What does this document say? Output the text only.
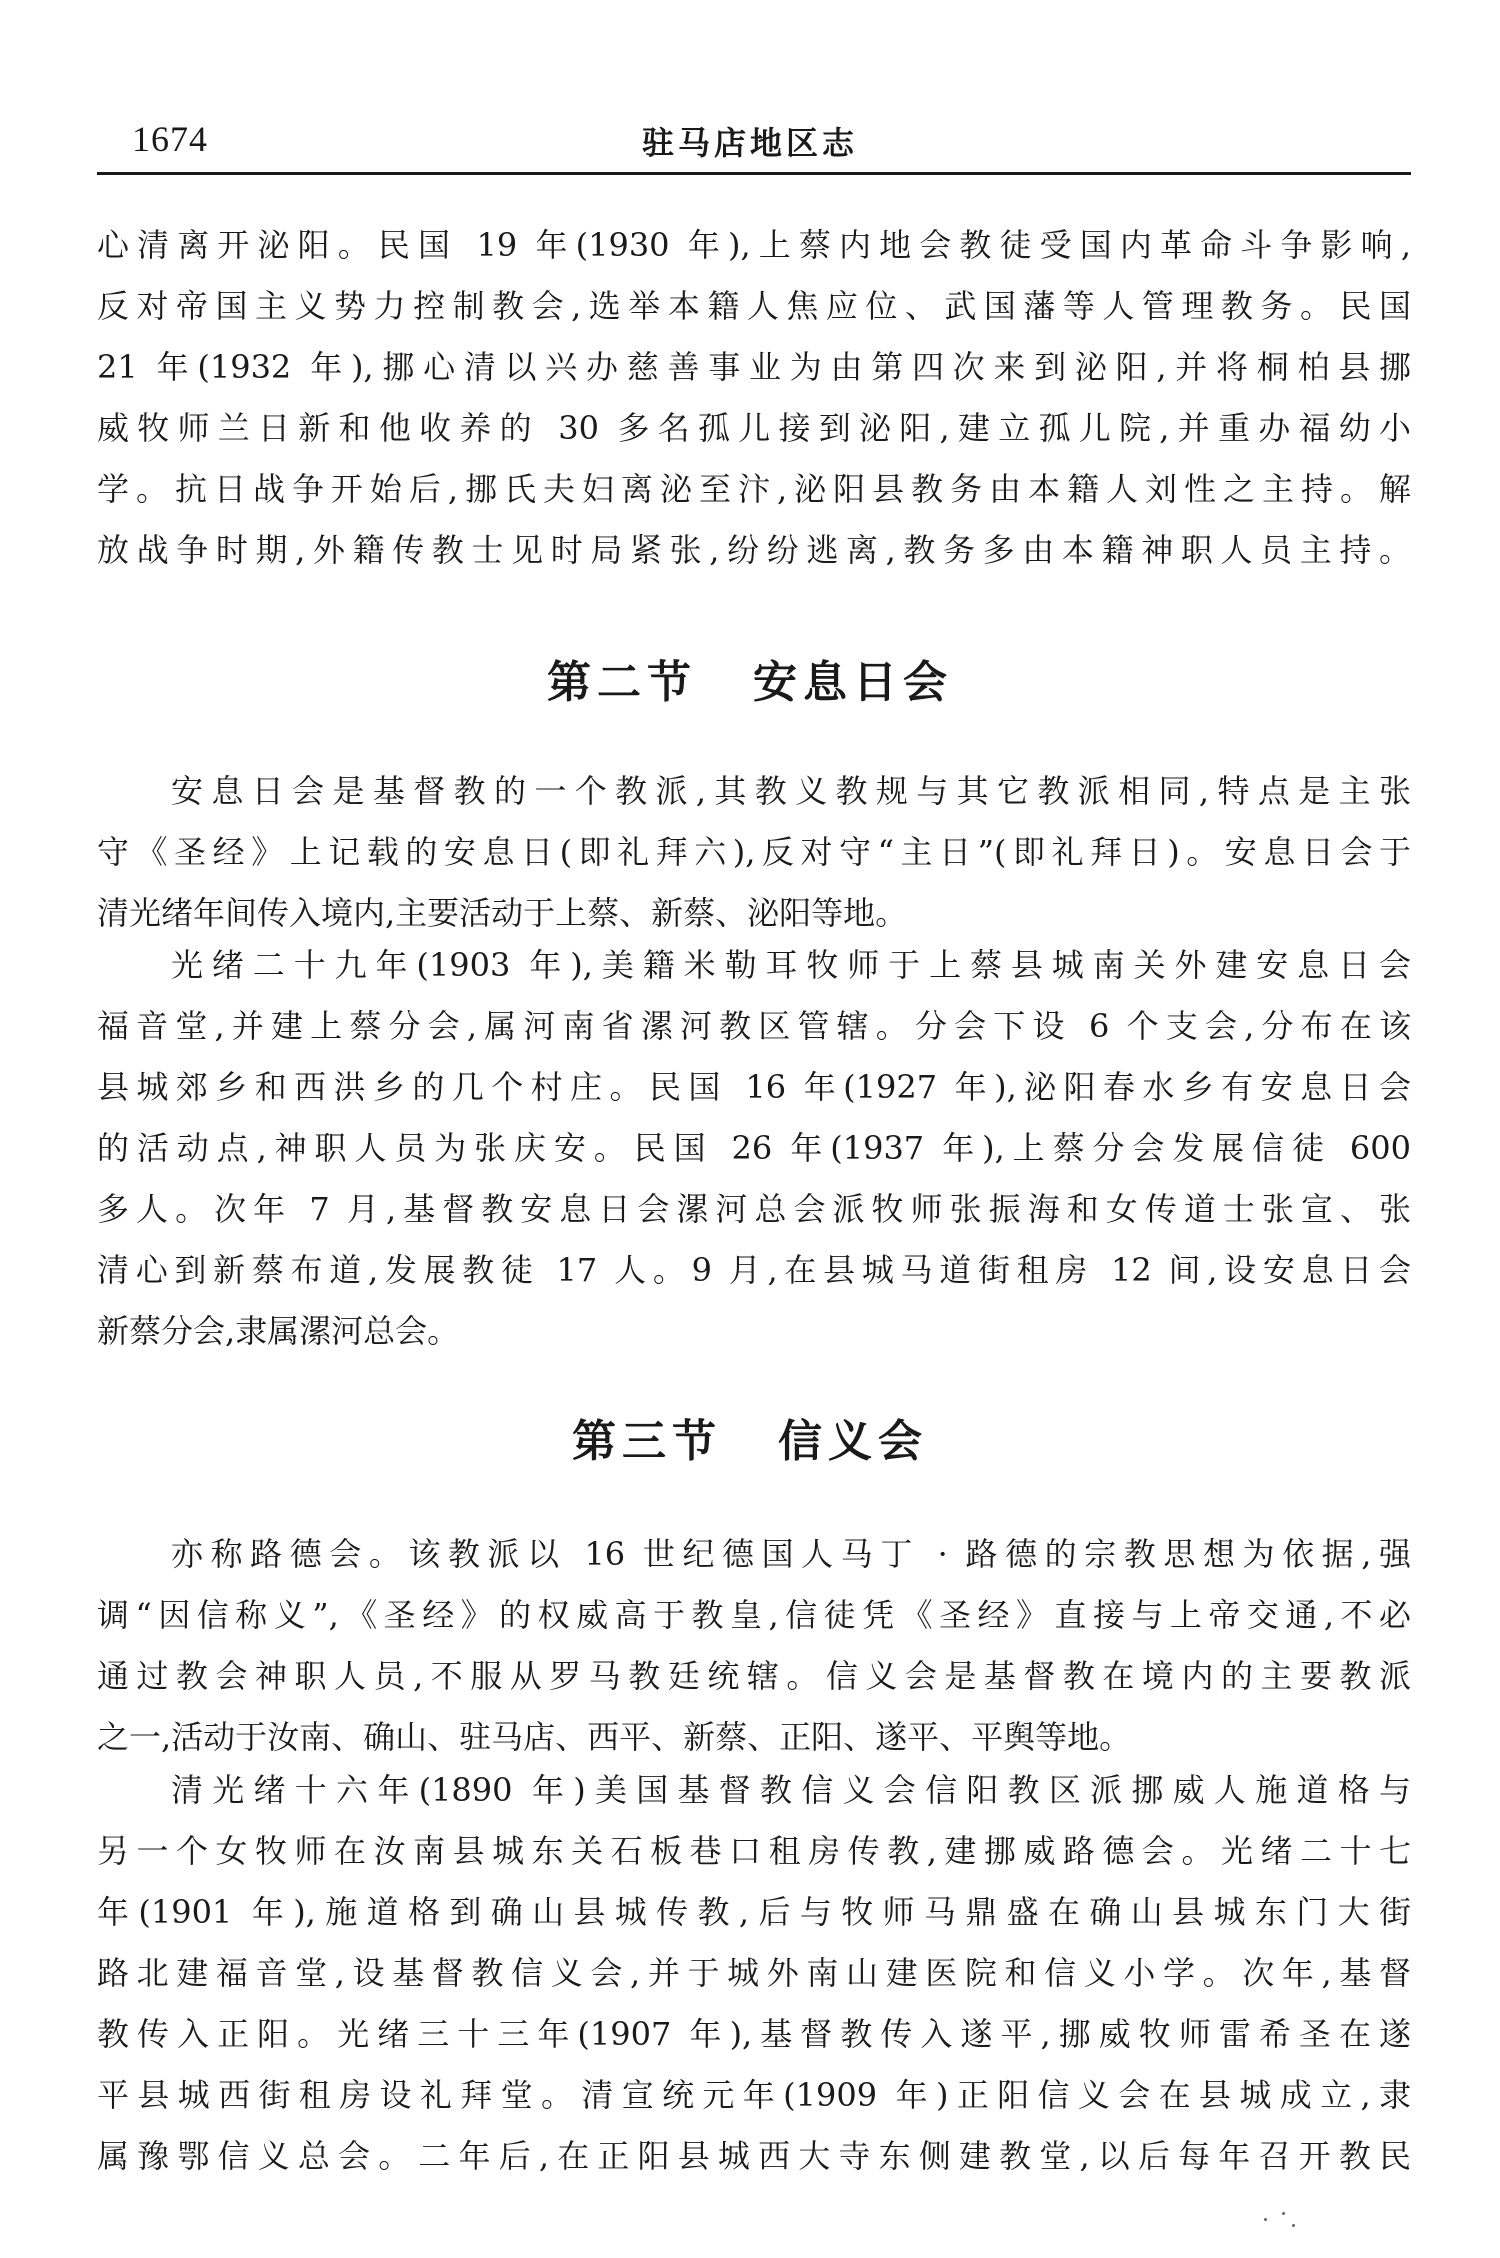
1674	驻马店地区志
心清离开泌阳。民国 19 年(1930 年),上蔡内地会教徒受国内革命斗争影响,
反对帝国主义势力控制教会,选举本籍人焦应位、武国藩等人管理教务。民国
21 年(1932 年),挪心清以兴办慈善事业为由第四次来到泌阳,并将桐柏县挪
威牧师兰日新和他收养的 30 多名孤儿接到泌阳,建立孤儿院,并重办福幼小
学。抗日战争开始后,挪氏夫妇离泌至汴,泌阳县教务由本籍人刘性之主持。解
放战争时期,外籍传教士见时局紧张,纷纷逃离,教务多由本籍神职人员主持。
第二节 安息日会
安息日会是基督教的一个教派,其教义教规与其它教派相同,特点是主张
守《圣经》上记载的安息日(即礼拜六),反对守“主日”(即礼拜日)。安息日会于
清光绪年间传入境内,主要活动于上蔡、新蔡、泌阳等地。
光绪二十九年(1903 年),美籍米勒耳牧师于上蔡县城南关外建安息日会
福音堂,并建上蔡分会,属河南省漯河教区管辖。分会下设 6 个支会,分布在该
县城郊乡和西洪乡的几个村庄。民国 16 年(1927 年),泌阳春水乡有安息日会
的活动点,神职人员为张庆安。民国 26 年(1937 年),上蔡分会发展信徒 600
多人。次年 7 月,基督教安息日会漯河总会派牧师张振海和女传道士张宣、张
清心到新蔡布道,发展教徒 17 人。9 月,在县城马道街租房 12 间,设安息日会
新蔡分会,隶属漯河总会。
第三节 信义会
亦称路德会。该教派以 16 世纪德国人马丁 · 路德的宗教思想为依据,强
调“因信称义”,《圣经》的权威高于教皇,信徒凭《圣经》直接与上帝交通,不必
通过教会神职人员,不服从罗马教廷统辖。信义会是基督教在境内的主要教派
之一,活动于汝南、确山、驻马店、西平、新蔡、正阳、遂平、平舆等地。
清光绪十六年(1890 年)美国基督教信义会信阳教区派挪威人施道格与
另一个女牧师在汝南县城东关石板巷口租房传教,建挪威路德会。光绪二十七
年(1901 年),施道格到确山县城传教,后与牧师马鼎盛在确山县城东门大街
路北建福音堂,设基督教信义会,并于城外南山建医院和信义小学。次年,基督
教传入正阳。光绪三十三年(1907 年),基督教传入遂平,挪威牧师雷希圣在遂
平县城西街租房设礼拜堂。清宣统元年(1909 年)正阳信义会在县城成立,隶
属豫鄂信义总会。二年后,在正阳县城西大寺东侧建教堂,以后每年召开教民
